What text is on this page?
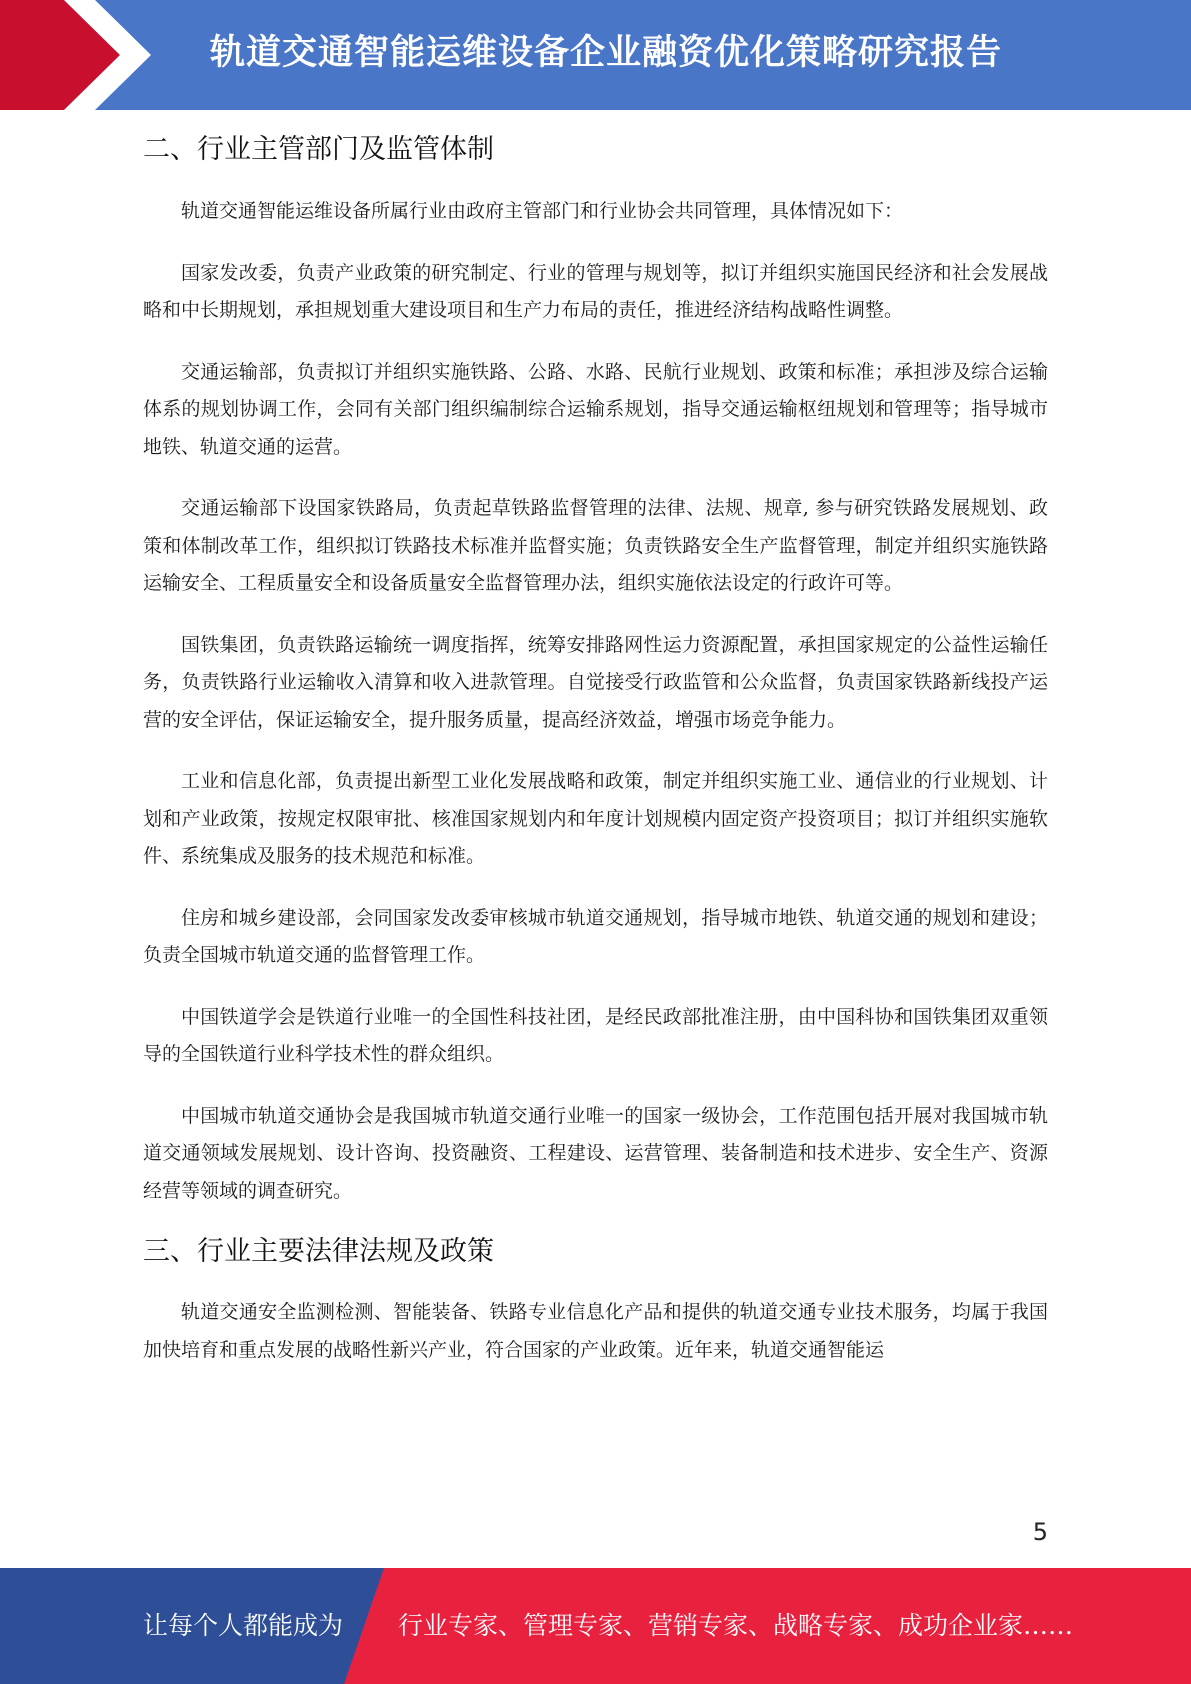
轨道交通智能运维设备企业融资优化策略研究报告
二、行业主管部门及监管体制

轨道交通智能运维设备所属行业由政府主管部门和行业协会共同管理，具体情况如下：

国家发改委，负责产业政策的研究制定、行业的管理与规划等，拟订并组织实施国民经济和社会发展战略和中长期规划，承担规划重大建设项目和生产力布局的责任，推进经济结构战略性调整。

交通运输部，负责拟订并组织实施铁路、公路、水路、民航行业规划、政策和标准；承担涉及综合运输体系的规划协调工作，会同有关部门组织编制综合运输系规划，指导交通运输枢纽规划和管理等；指导城市地铁、轨道交通的运营。

交通运输部下设国家铁路局，负责起草铁路监督管理的法律、法规、规章, 参与研究铁路发展规划、政策和体制改革工作，组织拟订铁路技术标准并监督实施；负责铁路安全生产监督管理，制定并组织实施铁路运输安全、工程质量安全和设备质量安全监督管理办法，组织实施依法设定的行政许可等。

国铁集团，负责铁路运输统一调度指挥，统筹安排路网性运力资源配置，承担国家规定的公益性运输任务，负责铁路行业运输收入清算和收入进款管理。自觉接受行政监管和公众监督，负责国家铁路新线投产运营的安全评估，保证运输安全，提升服务质量，提高经济效益，增强市场竞争能力。

工业和信息化部，负责提出新型工业化发展战略和政策，制定并组织实施工业、通信业的行业规划、计划和产业政策，按规定权限审批、核准国家规划内和年度计划规模内固定资产投资项目；拟订并组织实施软件、系统集成及服务的技术规范和标准。

住房和城乡建设部，会同国家发改委审核城市轨道交通规划，指导城市地铁、轨道交通的规划和建设；负责全国城市轨道交通的监督管理工作。

中国铁道学会是铁道行业唯一的全国性科技社团，是经民政部批准注册，由中国科协和国铁集团双重领导的全国铁道行业科学技术性的群众组织。

中国城市轨道交通协会是我国城市轨道交通行业唯一的国家一级协会，工作范围包括开展对我国城市轨道交通领域发展规划、设计咨询、投资融资、工程建设、运营管理、装备制造和技术进步、安全生产、资源经营等领域的调查研究。

三、行业主要法律法规及政策

轨道交通安全监测检测、智能装备、铁路专业信息化产品和提供的轨道交通专业技术服务，均属于我国加快培育和重点发展的战略性新兴产业，符合国家的产业政策。近年来，轨道交通智能运

5
让每个人都能成为 行业专家、管理专家、营销专家、战略专家、成功企业家……
